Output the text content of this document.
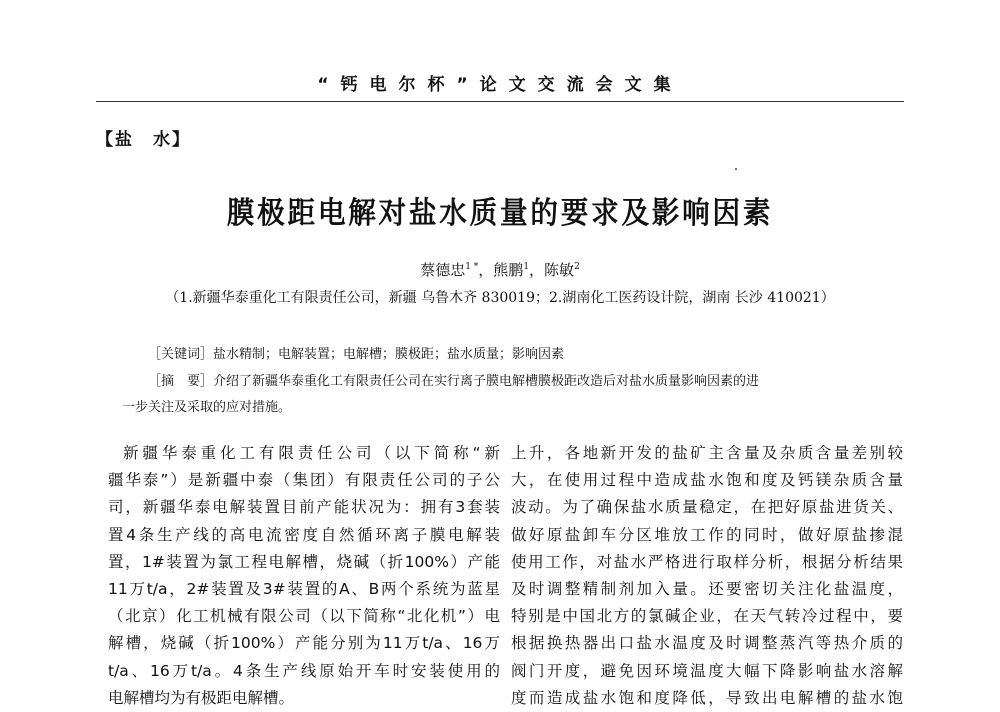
“钙电尔杯”论文交流会文集
【盐　水】
膜极距电解对盐水质量的要求及影响因素
蔡德忠$^{1 *}$，熊鹏$^1$，陈敏$^2$
（1.新疆华泰重化工有限责任公司，新疆 乌鲁木齐 830019；2.湖南化工医药设计院，湖南 长沙 410021）
［关键词］盐水精制；电解装置；电解槽；膜极距；盐水质量；影响因素
［摘　要］介绍了新疆华泰重化工有限责任公司在实行离子膜电解槽膜极距改造后对盐水质量影响因素的进
一步关注及采取的应对措施。
新疆华泰重化工有限责任公司（以下简称“新
疆华泰”）是新疆中泰（集团）有限责任公司的子公
司，新疆华泰电解装置目前产能状况为：拥有3套装
置4条生产线的高电流密度自然循环离子膜电解装
置，1#装置为氯工程电解槽，烧碱（折100%）产能
11万t/a，2#装置及3#装置的A、B两个系统为蓝星
（北京）化工机械有限公司（以下简称“北化机”）电
解槽，烧碱（折100%）产能分别为11万t/a、16万
t/a、16万t/a。4条生产线原始开车时安装使用的
电解槽均为有极距电解槽。
上升，各地新开发的盐矿主含量及杂质含量差别较
大，在使用过程中造成盐水饱和度及钙镁杂质含量
波动。为了确保盐水质量稳定，在把好原盐进货关、
做好原盐卸车分区堆放工作的同时，做好原盐掺混
使用工作，对盐水严格进行取样分析，根据分析结果
及时调整精制剂加入量。还要密切关注化盐温度，
特别是中国北方的氯碱企业，在天气转冷过程中，要
根据换热器出口盐水温度及时调整蒸汽等热介质的
阀门开度，避免因环境温度大幅下降影响盐水溶解
度而造成盐水饱和度降低，导致出电解槽的盐水饱
